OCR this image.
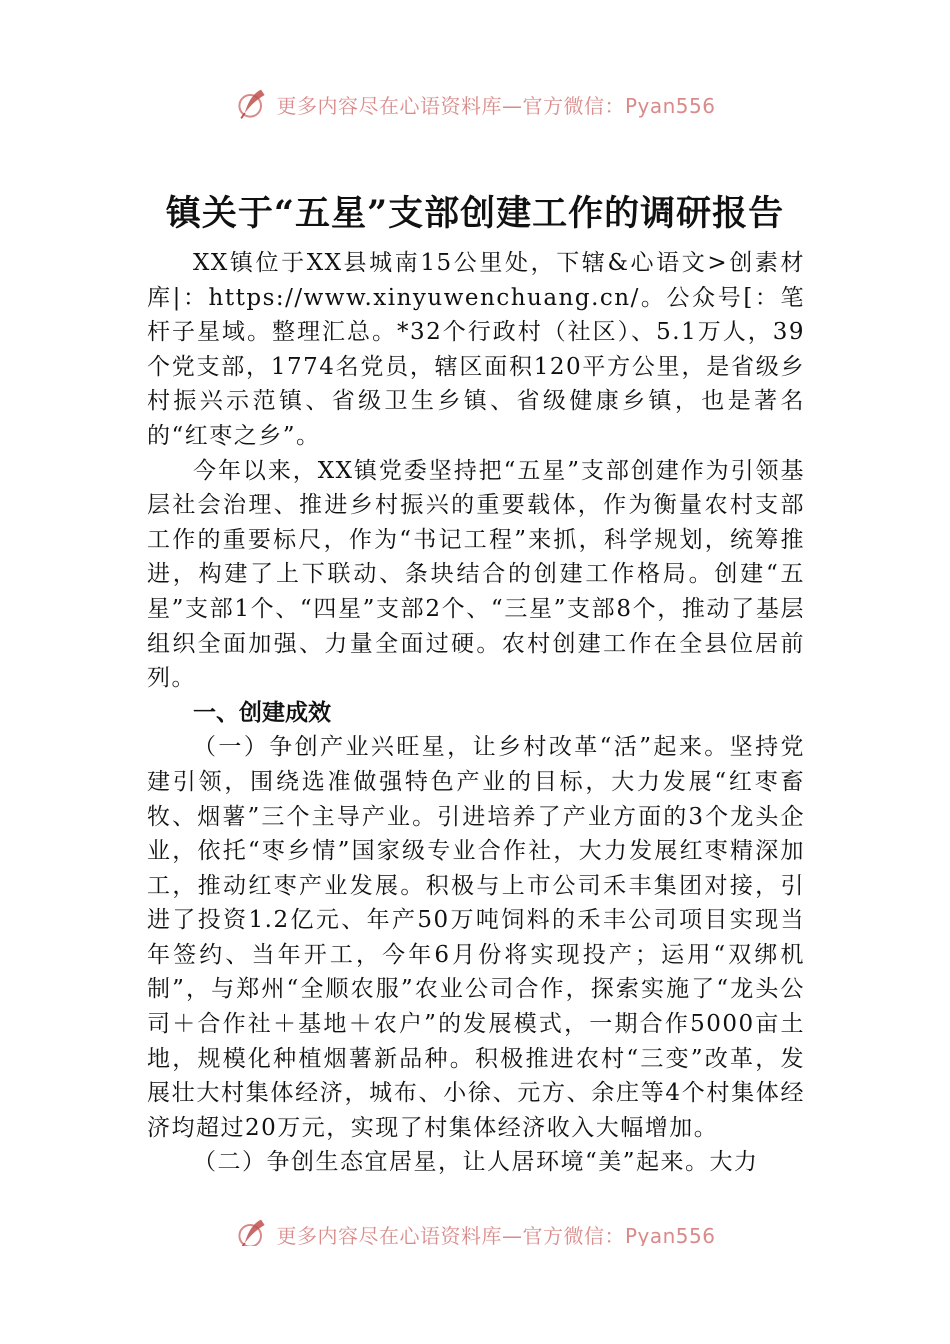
更多内容尽在心语资料库—官方微信：Pyan556
镇关于“五星”支部创建工作的调研报告

XX镇位于XX县城南15公里处，下辖&心语文>创素材库|：https://www.xinyuwenchuang.cn/。公众号[：笔杆子星域。整理汇总。*32个行政村（社区）、5.1万人，39个党支部，1774名党员，辖区面积120平方公里，是省级乡村振兴示范镇、省级卫生乡镇、省级健康乡镇，也是著名的“红枣之乡”。

今年以来，XX镇党委坚持把“五星”支部创建作为引领基层社会治理、推进乡村振兴的重要载体，作为衡量农村支部工作的重要标尺，作为“书记工程”来抓，科学规划，统筹推进，构建了上下联动、条块结合的创建工作格局。创建“五星”支部1个、“四星”支部2个、“三星”支部8个，推动了基层组织全面加强、力量全面过硬。农村创建工作在全县位居前列。

一、创建成效

（一）争创产业兴旺星，让乡村改革“活”起来。坚持党建引领，围绕选准做强特色产业的目标，大力发展“红枣畜牧、烟薯”三个主导产业。引进培养了产业方面的3个龙头企业，依托“枣乡情”国家级专业合作社，大力发展红枣精深加工，推动红枣产业发展。积极与上市公司禾丰集团对接，引进了投资1.2亿元、年产50万吨饲料的禾丰公司项目实现当年签约、当年开工，今年6月份将实现投产；运用“双绑机制”，与郑州“全顺农服”农业公司合作，探索实施了“龙头公司＋合作社＋基地＋农户”的发展模式，一期合作5000亩土地，规模化种植烟薯新品种。积极推进农村“三变”改革，发展壮大村集体经济，城布、小徐、元方、余庄等4个村集体经济均超过20万元，实现了村集体经济收入大幅增加。

（二）争创生态宜居星，让人居环境“美”起来。大力

更多内容尽在心语资料库—官方微信：Pyan556
